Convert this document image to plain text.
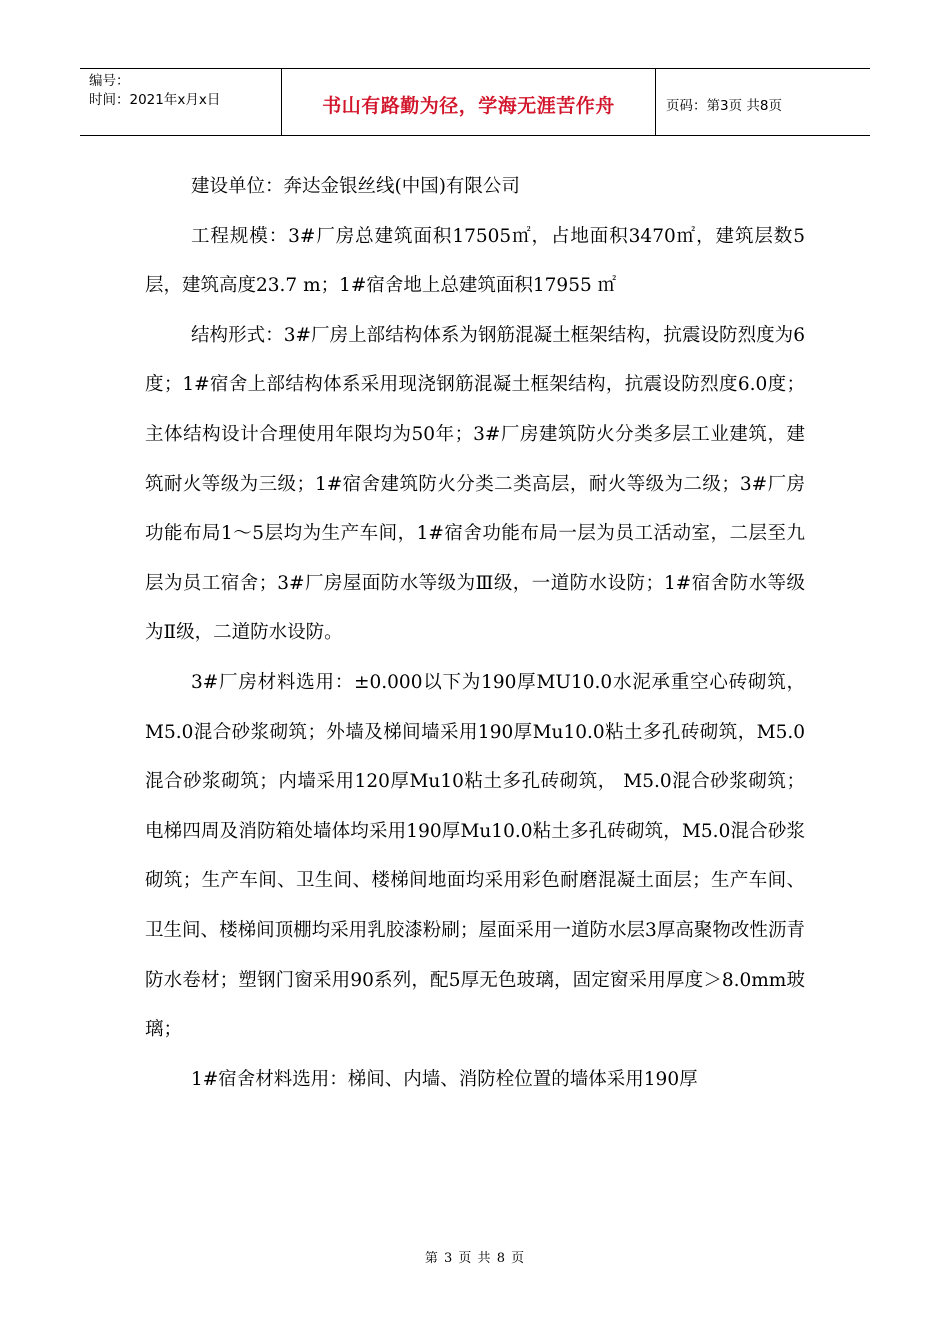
编号：
时间：2021年x月x日	书山有路勤为径，学海无涯苦作舟	页码：第3页 共8页

建设单位：奔达金银丝线(中国)有限公司

工程规模：3#厂房总建筑面积17505㎡，占地面积3470㎡，建筑层数5层，建筑高度23.7 m；1#宿舍地上总建筑面积17955 ㎡

结构形式：3#厂房上部结构体系为钢筋混凝土框架结构，抗震设防烈度为6度；1#宿舍上部结构体系采用现浇钢筋混凝土框架结构，抗震设防烈度6.0度；主体结构设计合理使用年限均为50年；3#厂房建筑防火分类多层工业建筑，建筑耐火等级为三级；1#宿舍建筑防火分类二类高层，耐火等级为二级；3#厂房功能布局1～5层均为生产车间，1#宿舍功能布局一层为员工活动室，二层至九层为员工宿舍；3#厂房屋面防水等级为Ⅲ级，一道防水设防；1#宿舍防水等级为Ⅱ级，二道防水设防。

3#厂房材料选用：±0.000以下为190厚MU10.0水泥承重空心砖砌筑，M5.0混合砂浆砌筑；外墙及梯间墙采用190厚Mu10.0粘土多孔砖砌筑，M5.0混合砂浆砌筑；内墙采用120厚Mu10粘土多孔砖砌筑， M5.0混合砂浆砌筑；电梯四周及消防箱处墙体均采用190厚Mu10.0粘土多孔砖砌筑，M5.0混合砂浆砌筑；生产车间、卫生间、楼梯间地面均采用彩色耐磨混凝土面层；生产车间、卫生间、楼梯间顶棚均采用乳胶漆粉刷；屋面采用一道防水层3厚高聚物改性沥青防水卷材；塑钢门窗采用90系列，配5厚无色玻璃，固定窗采用厚度＞8.0mm玻璃；

1#宿舍材料选用：梯间、内墙、消防栓位置的墙体采用190厚

第 3 页 共 8 页
